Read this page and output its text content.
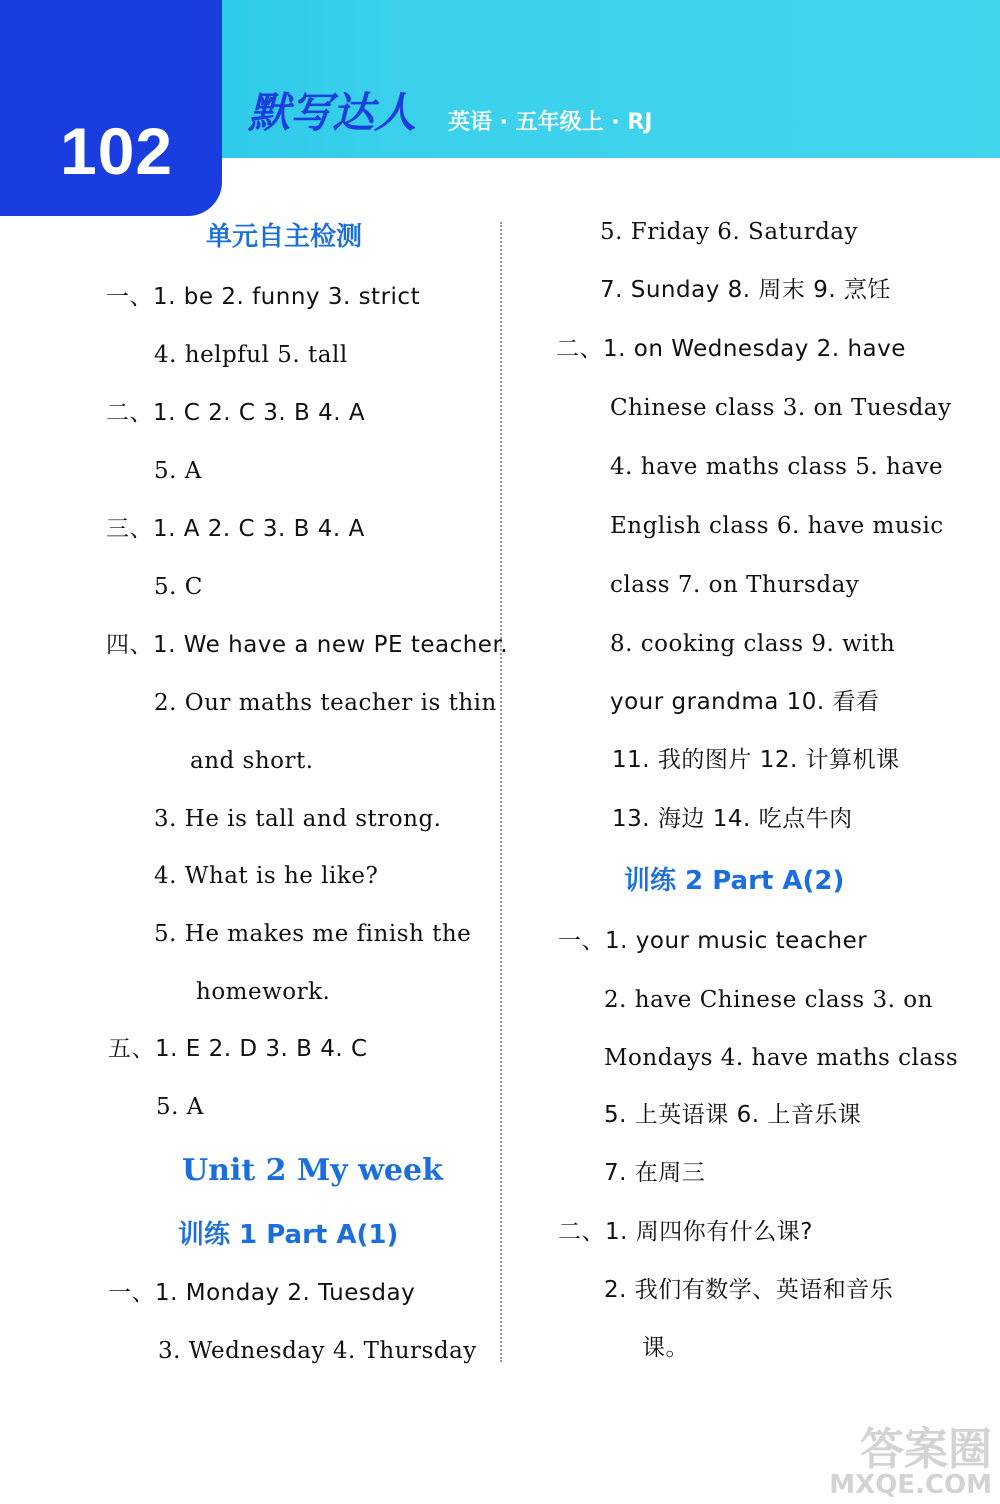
102
默写达人 英语 · 五年级上 · RJ
单元自主检测
一、1. be 2. funny 3. strict
4. helpful 5. tall
二、1. C 2. C 3. B 4. A
5. A
三、1. A 2. C 3. B 4. A
5. C
四、1. We have a new PE teacher.
2. Our maths teacher is thin
and short.
3. He is tall and strong.
4. What is he like?
5. He makes me finish the
homework.
五、1. E 2. D 3. B 4. C
5. A
Unit 2 My week
训练 1 Part A(1)
一、1. Monday 2. Tuesday
3. Wednesday 4. Thursday
5. Friday 6. Saturday
7. Sunday 8. 周末 9. 烹饪
二、1. on Wednesday 2. have
Chinese class 3. on Tuesday
4. have maths class 5. have
English class 6. have music
class 7. on Thursday
8. cooking class 9. with
your grandma 10. 看看
11. 我的图片 12. 计算机课
13. 海边 14. 吃点牛肉
训练 2 Part A(2)
一、1. your music teacher
2. have Chinese class 3. on
Mondays 4. have maths class
5. 上英语课 6. 上音乐课
7. 在周三
二、1. 周四你有什么课?
2. 我们有数学、英语和音乐
课。
答案圈
MXQE.COM
